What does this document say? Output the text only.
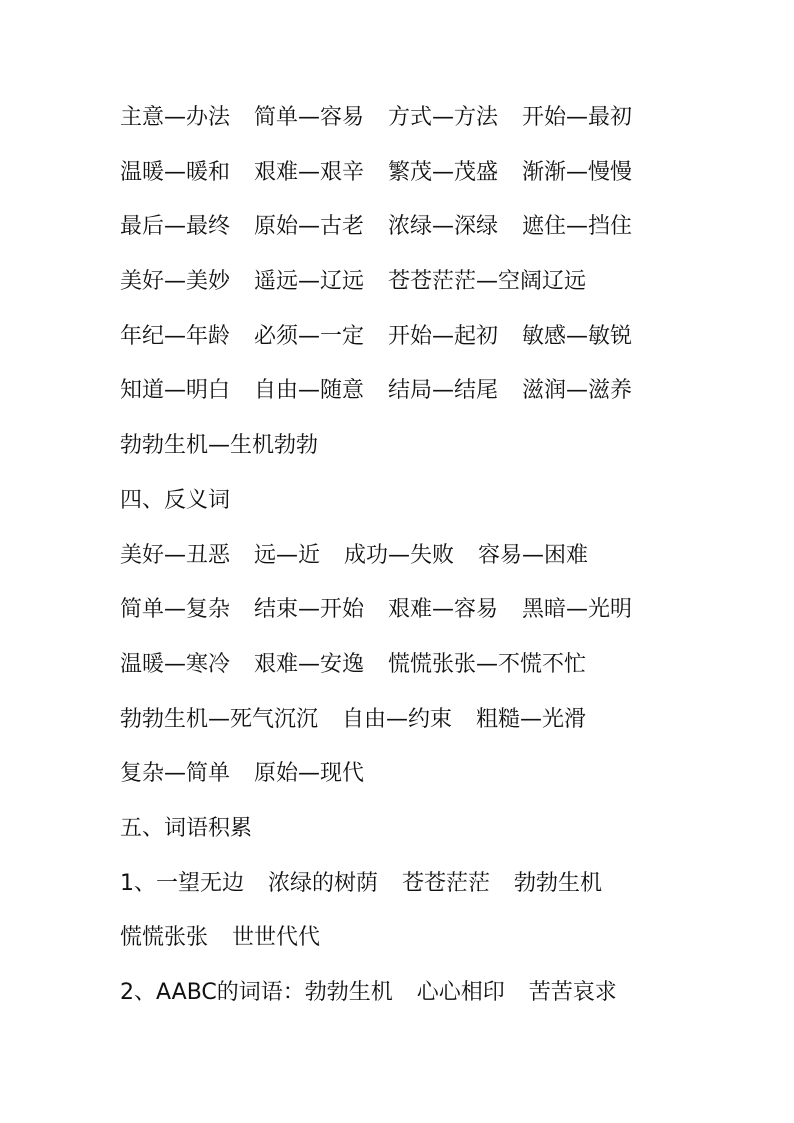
主意—办法 简单—容易 方式—方法 开始—最初
温暖—暖和 艰难—艰辛 繁茂—茂盛 渐渐—慢慢
最后—最终 原始—古老 浓绿—深绿 遮住—挡住
美好—美妙 遥远—辽远 苍苍茫茫—空阔辽远
年纪—年龄 必须—一定 开始—起初 敏感—敏锐
知道—明白 自由—随意 结局—结尾 滋润—滋养
勃勃生机—生机勃勃
四、反义词
美好—丑恶 远—近 成功—失败 容易—困难
简单—复杂 结束—开始 艰难—容易 黑暗—光明
温暖—寒冷 艰难—安逸 慌慌张张—不慌不忙
勃勃生机—死气沉沉 自由—约束 粗糙—光滑
复杂—简单 原始—现代
五、词语积累
1、一望无边 浓绿的树荫 苍苍茫茫 勃勃生机
慌慌张张 世世代代
2、AABC的词语：勃勃生机 心心相印 苦苦哀求
